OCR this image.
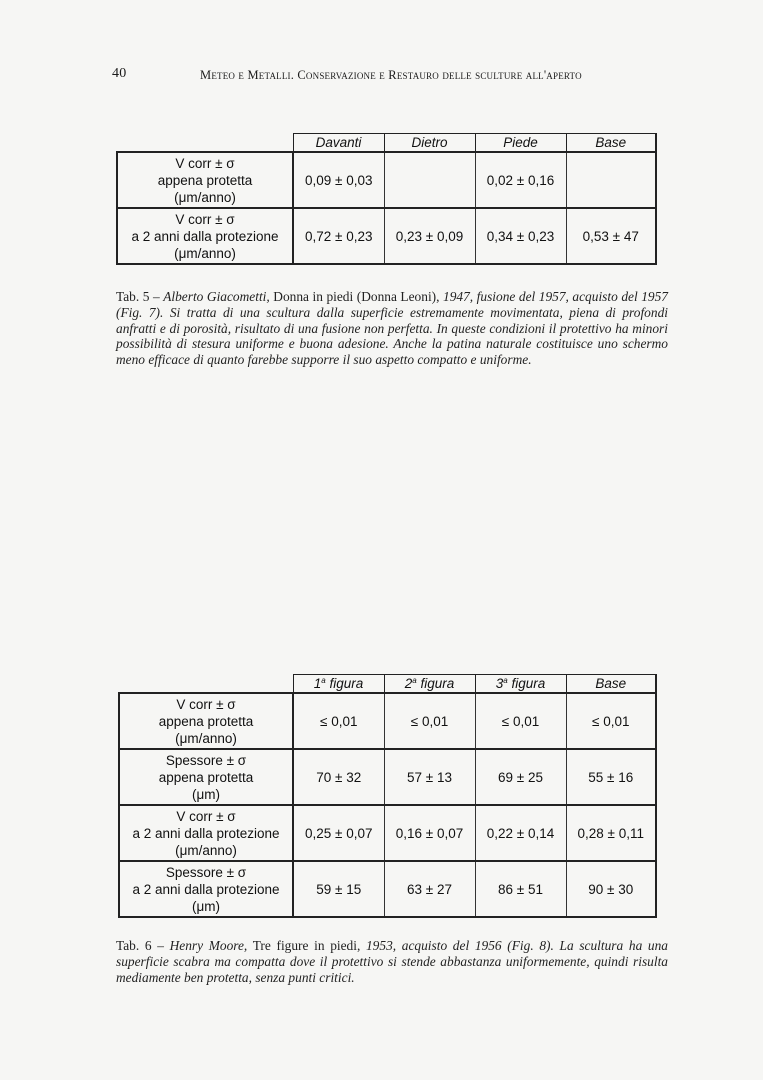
40	Meteo e Metalli. Conservazione e Restauro delle sculture all'aperto
	Davanti	Dietro	Piede	Base

V corr ± σ
appena protetta
(μm/anno)	0,09 ± 0,03		0,02 ± 0,16	

V corr ± σ
a 2 anni dalla protezione
(μm/anno)	0,72 ± 0,23	0,23 ± 0,09	0,34 ± 0,23	0,53 ± 47
Tab. 5 – Alberto Giacometti, Donna in piedi (Donna Leoni), 1947, fusione del 1957, acquisto del 1957 (Fig. 7). Si tratta di una scultura dalla superficie estremamente movimentata, piena di profondi anfratti e di porosità, risultato di una fusione non perfetta. In queste condizioni il protettivo ha minori possibilità di stesura uniforme e buona adesione. Anche la patina naturale costituisce uno schermo meno efficace di quanto farebbe supporre il suo aspetto compatto e uniforme.
	1$^a$ figura	2$^a$ figura	3$^a$ figura	Base

V corr ± σ
appena protetta
(μm/anno)	≤ 0,01	≤ 0,01	≤ 0,01	≤ 0,01

Spessore ± σ
appena protetta
(μm)	70 ± 32	57 ± 13	69 ± 25	55 ± 16

V corr ± σ
a 2 anni dalla protezione
(μm/anno)	0,25 ± 0,07	0,16 ± 0,07	0,22 ± 0,14	0,28 ± 0,11

Spessore ± σ
a 2 anni dalla protezione
(μm)	59 ± 15	63 ± 27	86 ± 51	90 ± 30
Tab. 6 – Henry Moore, Tre figure in piedi, 1953, acquisto del 1956 (Fig. 8). La scultura ha una superficie scabra ma compatta dove il protettivo si stende abbastanza uniformemente, quindi risulta mediamente ben protetta, senza punti critici.
